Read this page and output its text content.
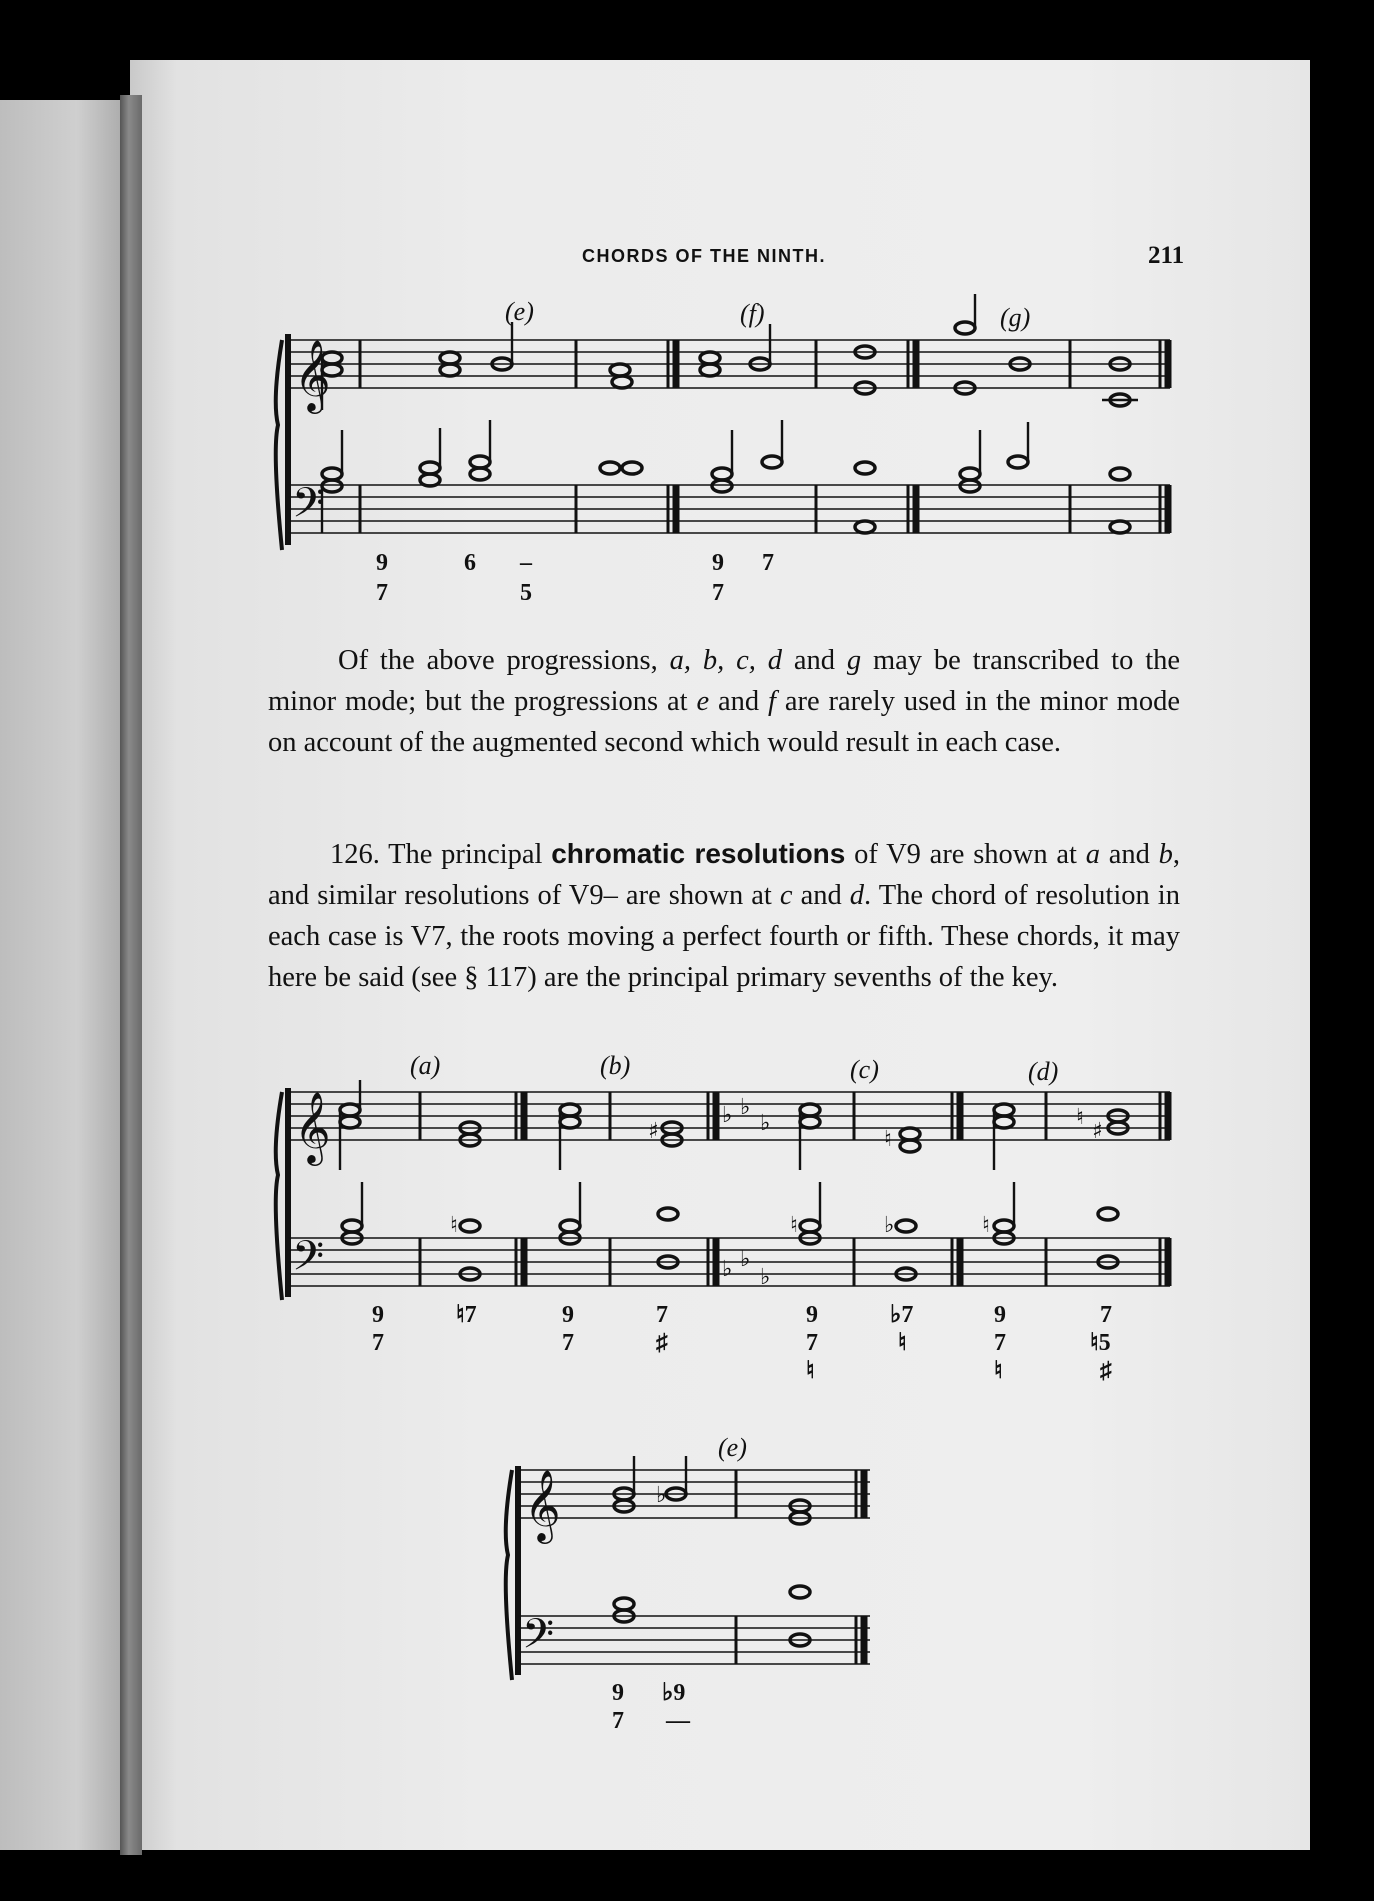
CHORDS OF THE NINTH.	211
𝄞
𝄢
(e)	(f)	(g)
9
7
6 –
5
9
7
7
Of the above progressions, a, b, c, d and g may be transcribed to the minor mode; but the progressions at e and f are rarely used in the minor mode on account of the augmented second which would result in each case.
126. The principal chromatic resolutions of V9 are shown at a and b, and similar resolutions of V9– are shown at c and d. The chord of resolution in each case is V7, the roots moving a perfect fourth or fifth. These chords, it may here be said (see § 117) are the principal primary sevenths of the key.
𝄞
𝄢
♭ ♭
♭
♭ ♭
♭
♯	♮
♮
♯
♮	♮	♭	♮
(a)	(b)	(c)	(d)
9
7
♮7	9
7
7
♯
9
7
♮
♭7
♮
9
7
♮
7
♮5
♯
𝄞
𝄢
♭
(e)
9
7
♭9
—
